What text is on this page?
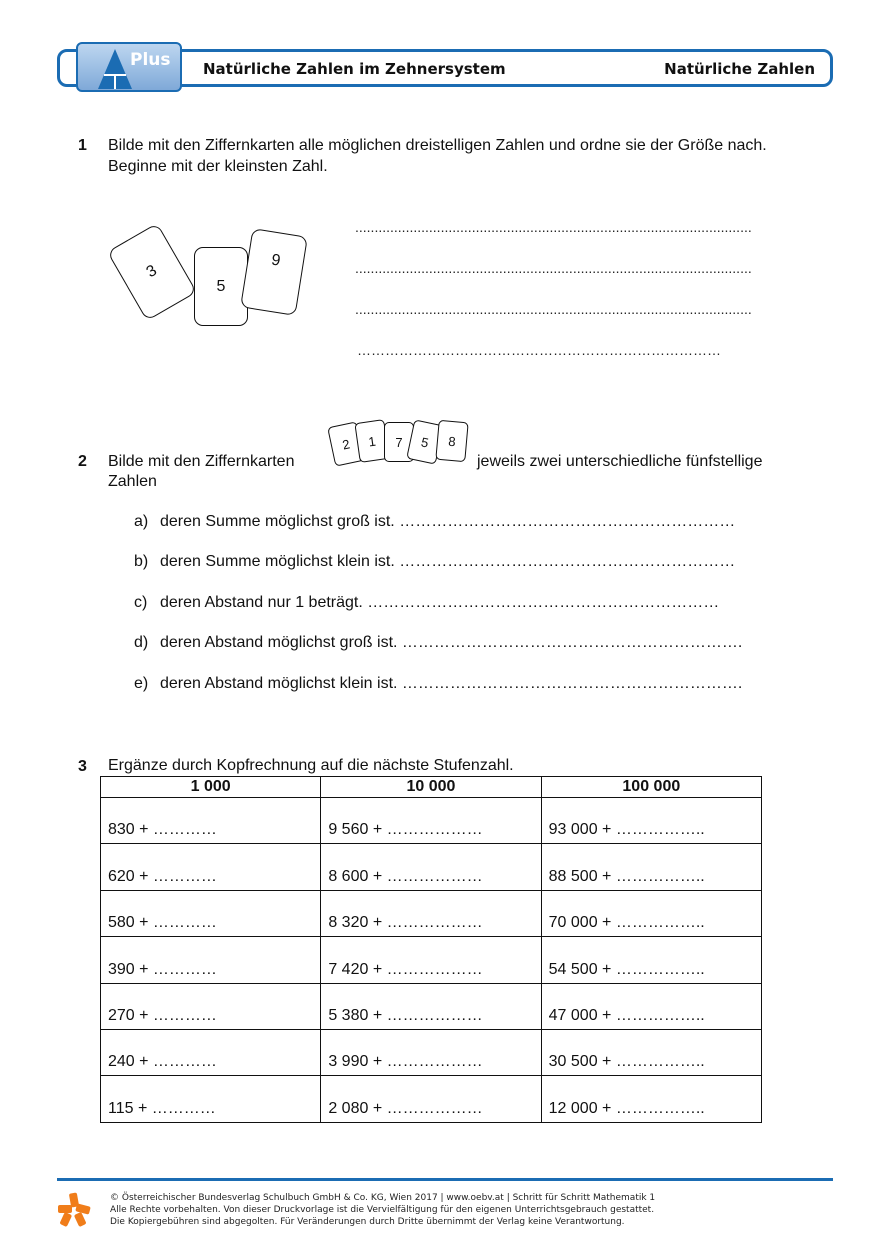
Plus Natürliche Zahlen im Zehnersystem	Natürliche Zahlen
1 Bilde mit den Ziffernkarten alle möglichen dreistelligen Zahlen und ordne sie der Größe nach.
Beginne mit der kleinsten Zahl.
3
5
9
......................................................................................................
......................................................................................................
......................................................................................................
……………………………………………………………………
2 Bilde mit den Ziffernkarten
2 1 7 5 8
jeweils zwei unterschiedliche fünfstellige
Zahlen
a) deren Summe möglichst groß ist. ………………………………………………………
b) deren Summe möglichst klein ist. ………………………………………………………
c) deren Abstand nur 1 beträgt. …………………………………………………………
d) deren Abstand möglichst groß ist. ……………………………………………………….
e) deren Abstand möglichst klein ist. ……………………………………………………….
3 Ergänze durch Kopfrechnung auf die nächste Stufenzahl.
1 000	10 000	100 000
830 + …………	9 560 + ………………	93 000 + ……………..
620 + …………	8 600 + ………………	88 500 + ……………..
580 + …………	8 320 + ………………	70 000 + ……………..
390 + …………	7 420 + ………………	54 500 + ……………..
270 + …………	5 380 + ………………	47 000 + ……………..
240 + …………	3 990 + ………………	30 500 + ……………..
115 + …………	2 080 + ………………	12 000 + ……………..
© Österreichischer Bundesverlag Schulbuch GmbH & Co. KG, Wien 2017 | www.oebv.at | Schritt für Schritt Mathematik 1
Alle Rechte vorbehalten. Von dieser Druckvorlage ist die Vervielfältigung für den eigenen Unterrichtsgebrauch gestattet.
Die Kopiergebühren sind abgegolten. Für Veränderungen durch Dritte übernimmt der Verlag keine Verantwortung.
